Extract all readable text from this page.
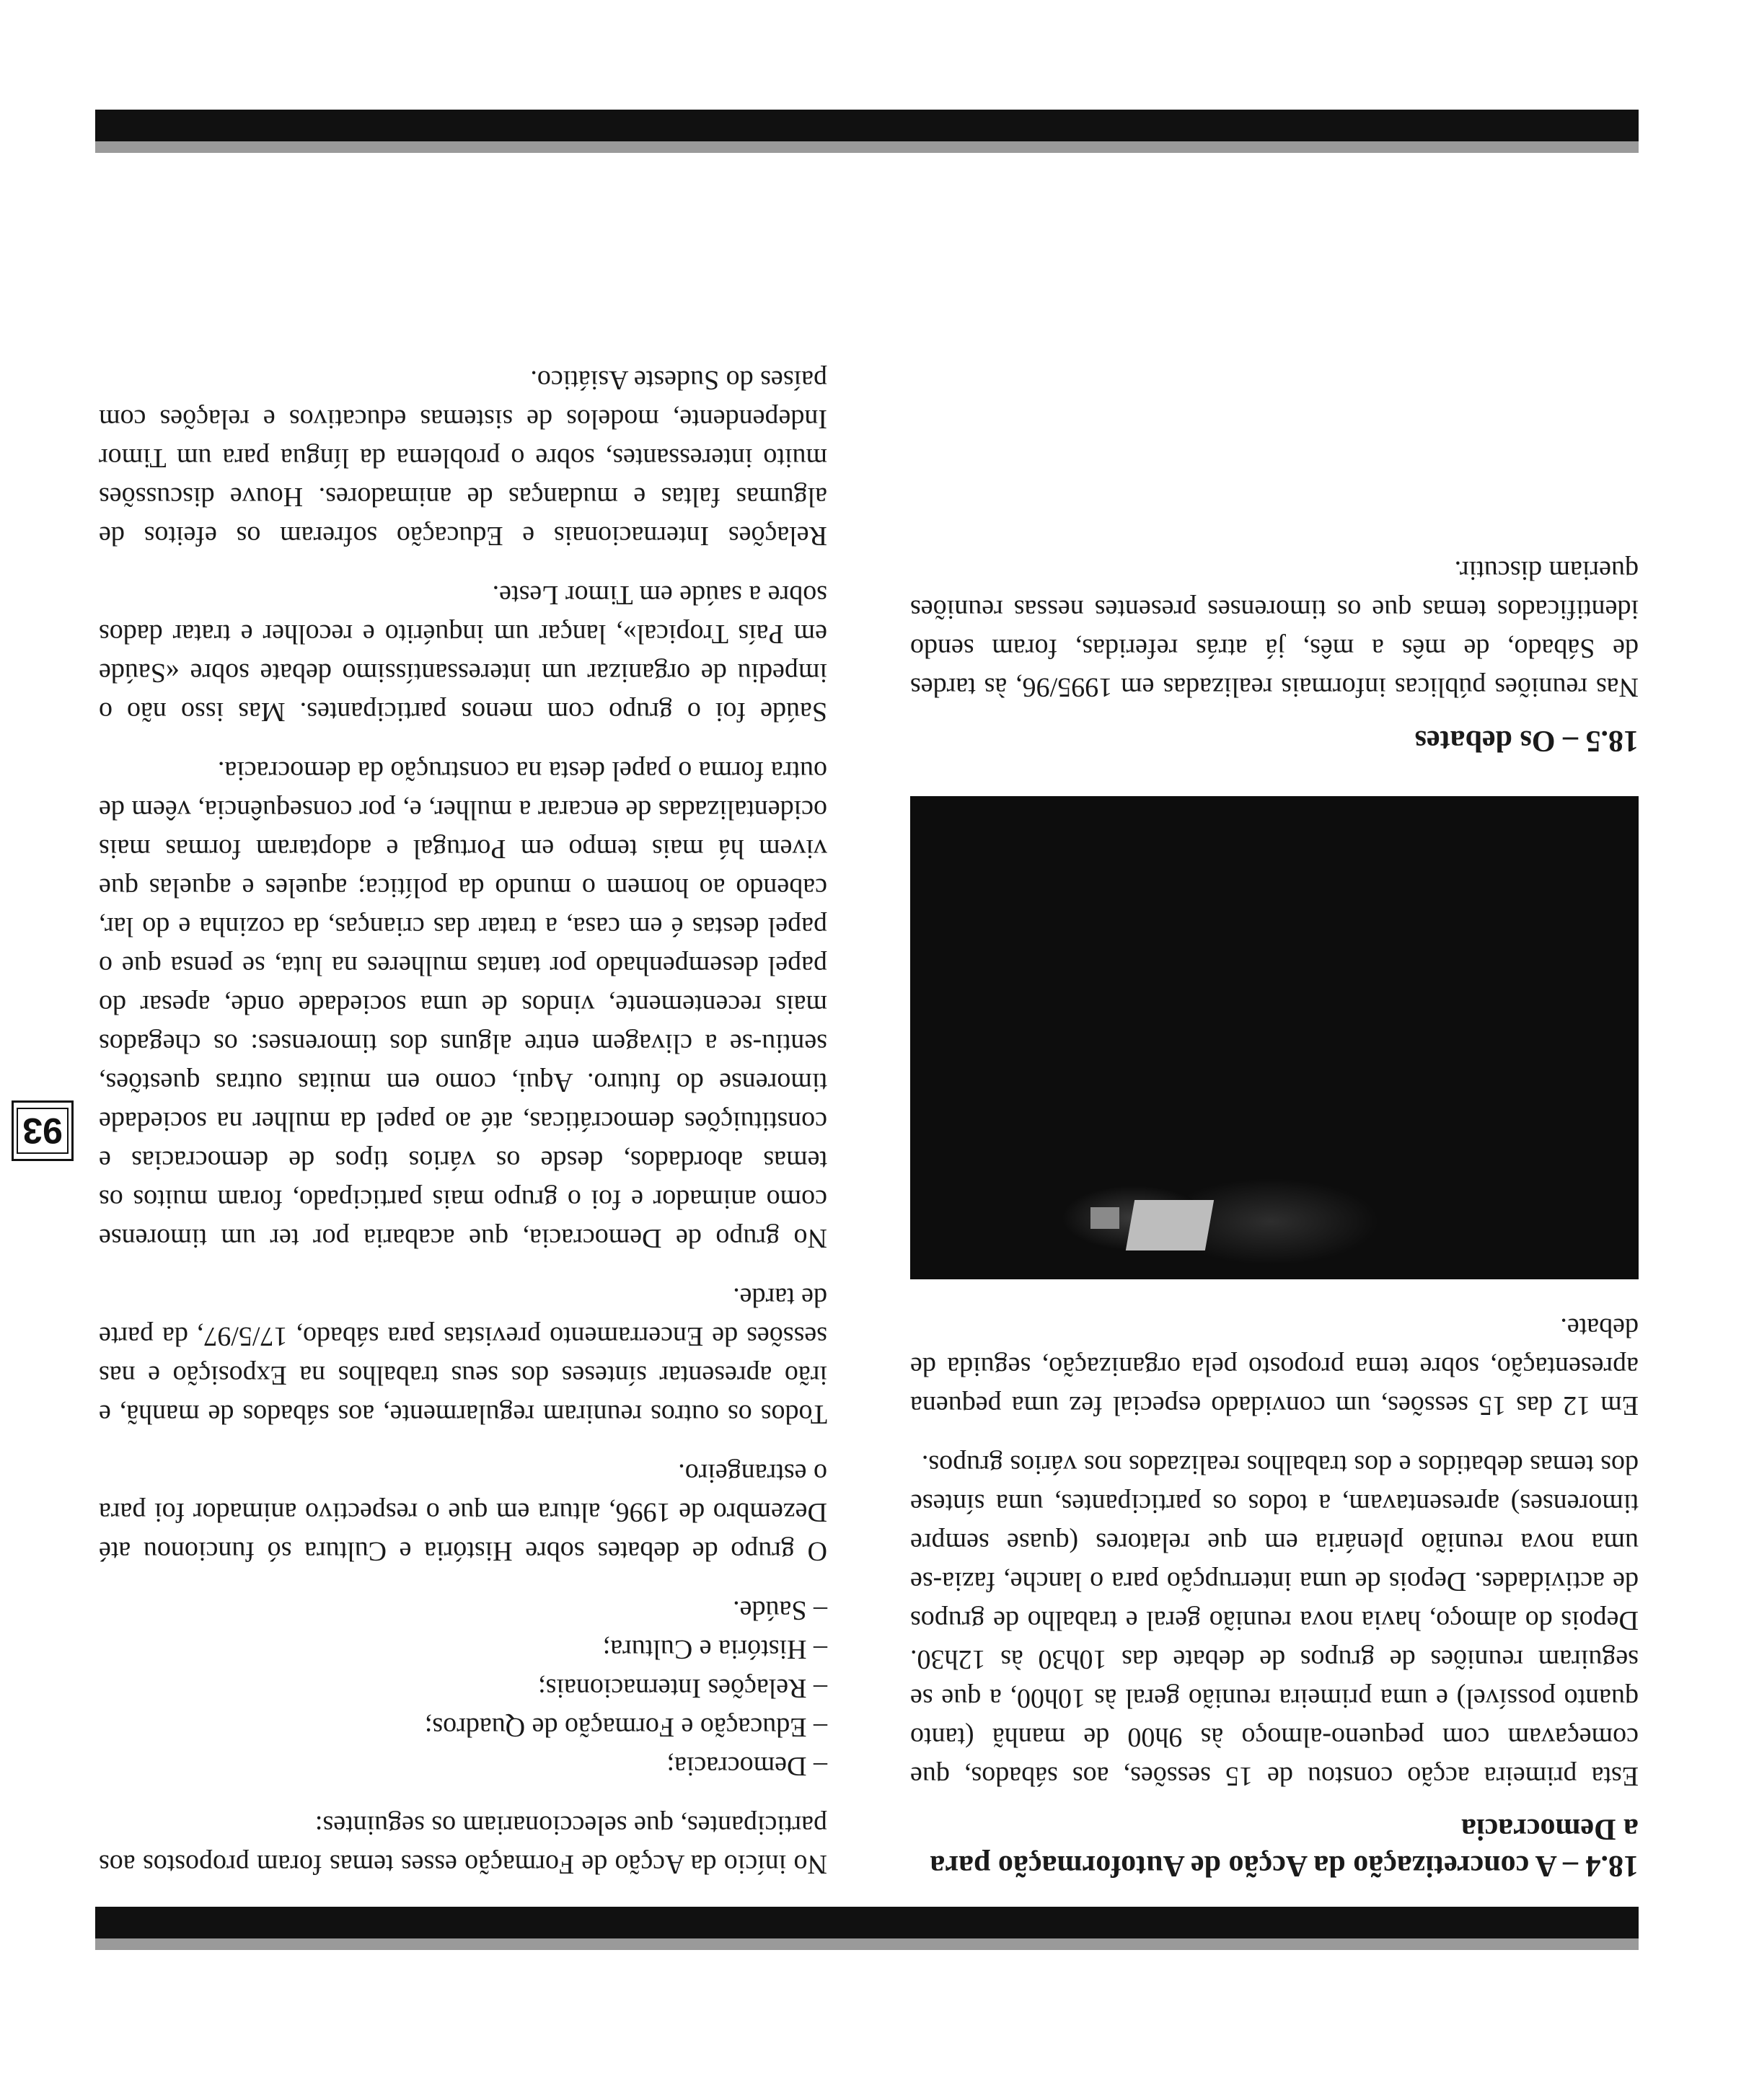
18.4 – A concretização da Acção de Autoformação para a Democracia

Esta primeira acção constou de 15 sessões, aos sábados, que começavam com pequeno-almoço às 9h00 de manhã (tanto quanto possível) e uma primeira reunião geral às 10h00, a que se seguiram reuniões de grupos de debate das 10h30 às 12h30. Depois do almoço, havia nova reunião geral e trabalho de grupos de actividades. Depois de uma interrupção para o lanche, fazia-se uma nova reunião plenária em que relatores (quase sempre timorenses) apresentavam, a todos os participantes, uma síntese dos temas debatidos e dos trabalhos realizados nos vários grupos.

Em 12 das 15 sessões, um convidado especial fez uma pequena apresentação, sobre tema proposto pela organização, seguida de debate.

18.5 – Os debates

Nas reuniões públicas informais realizadas em 1995/96, às tardes de Sábado, de mês a mês, já atrás referidas, foram sendo identificados temas que os timorenses presentes nessas reuniões queriam discutir.

No início da Acção de Formação esses temas foram propostos aos participantes, que seleccionariam os seguintes:

– Democracia;
– Educação e Formação de Quadros;
– Relações Internacionais;
– História e Cultura;
– Saúde.

O grupo de debates sobre História e Cultura só funcionou até Dezembro de 1996, altura em que o respectivo animador foi para o estrangeiro.

Todos os outros reuniram regularmente, aos sábados de manhã, e irão apresentar sínteses dos seus trabalhos na Exposição e nas sessões de Encerramento previstas para sábado, 17/5/97, da parte de tarde.

No grupo de Democracia, que acabaria por ter um timorense como animador e foi o grupo mais participado, foram muitos os temas abordados, desde os vários tipos de democracias e constituições democráticas, até ao papel da mulher na sociedade timorense do futuro. Aqui, como em muitas outras questões, sentiu-se a clivagem entre alguns dos timorenses: os chegados mais recentemente, vindos de uma sociedade onde, apesar do papel desempenhado por tantas mulheres na luta, se pensa que o papel destas é em casa, a tratar das crianças, da cozinha e do lar, cabendo ao homem o mundo da política; aqueles e aquelas que vivem há mais tempo em Portugal e adoptaram formas mais ocidentalizadas de encarar a mulher, e, por consequência, vêem de outra forma o papel desta na construção da democracia.

Saúde foi o grupo com menos participantes. Mas isso não o impediu de organizar um interessantíssimo debate sobre «Saúde em País Tropical», lançar um inquérito e recolher e tratar dados sobre a saúde em Timor Leste.

Relações Internacionais e Educação sofreram os efeitos de algumas faltas e mudanças de animadores. Houve discussões muito interessantes, sobre o problema da língua para um Timor Independente, modelos de sistemas educativos e relações com países do Sudeste Asiático.

93
